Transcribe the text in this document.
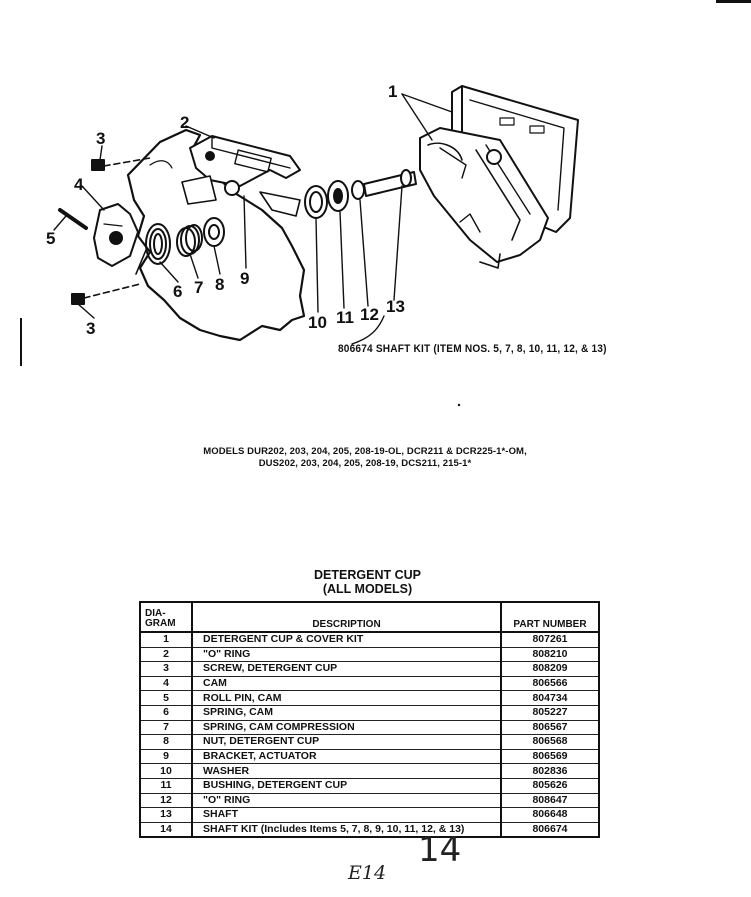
1
2
3
4
5
6 7 8 9
10 11 12 13
3
806674 SHAFT KIT (ITEM NOS. 5, 7, 8, 10, 11, 12, & 13)
MODELS DUR202, 203, 204, 205, 208-19-OL, DCR211 & DCR225-1*-OM,
DUS202, 203, 204, 205, 208-19, DCS211, 215-1*
DETERGENT CUP
(ALL MODELS)
DIA-
GRAM	DESCRIPTION	PART NUMBER
1	DETERGENT CUP & COVER KIT	807261
2	"O" RING	808210
3	SCREW, DETERGENT CUP	808209
4	CAM	806566
5	ROLL PIN, CAM	804734
6	SPRING, CAM	805227
7	SPRING, CAM COMPRESSION	806567
8	NUT, DETERGENT CUP	806568
9	BRACKET, ACTUATOR	806569
10	WASHER	802836
11	BUSHING, DETERGENT CUP	805626
12	"O" RING	808647
13	SHAFT	806648
14	SHAFT KIT (Includes Items 5, 7, 8, 9, 10, 11, 12, & 13)	806674
14
E14
